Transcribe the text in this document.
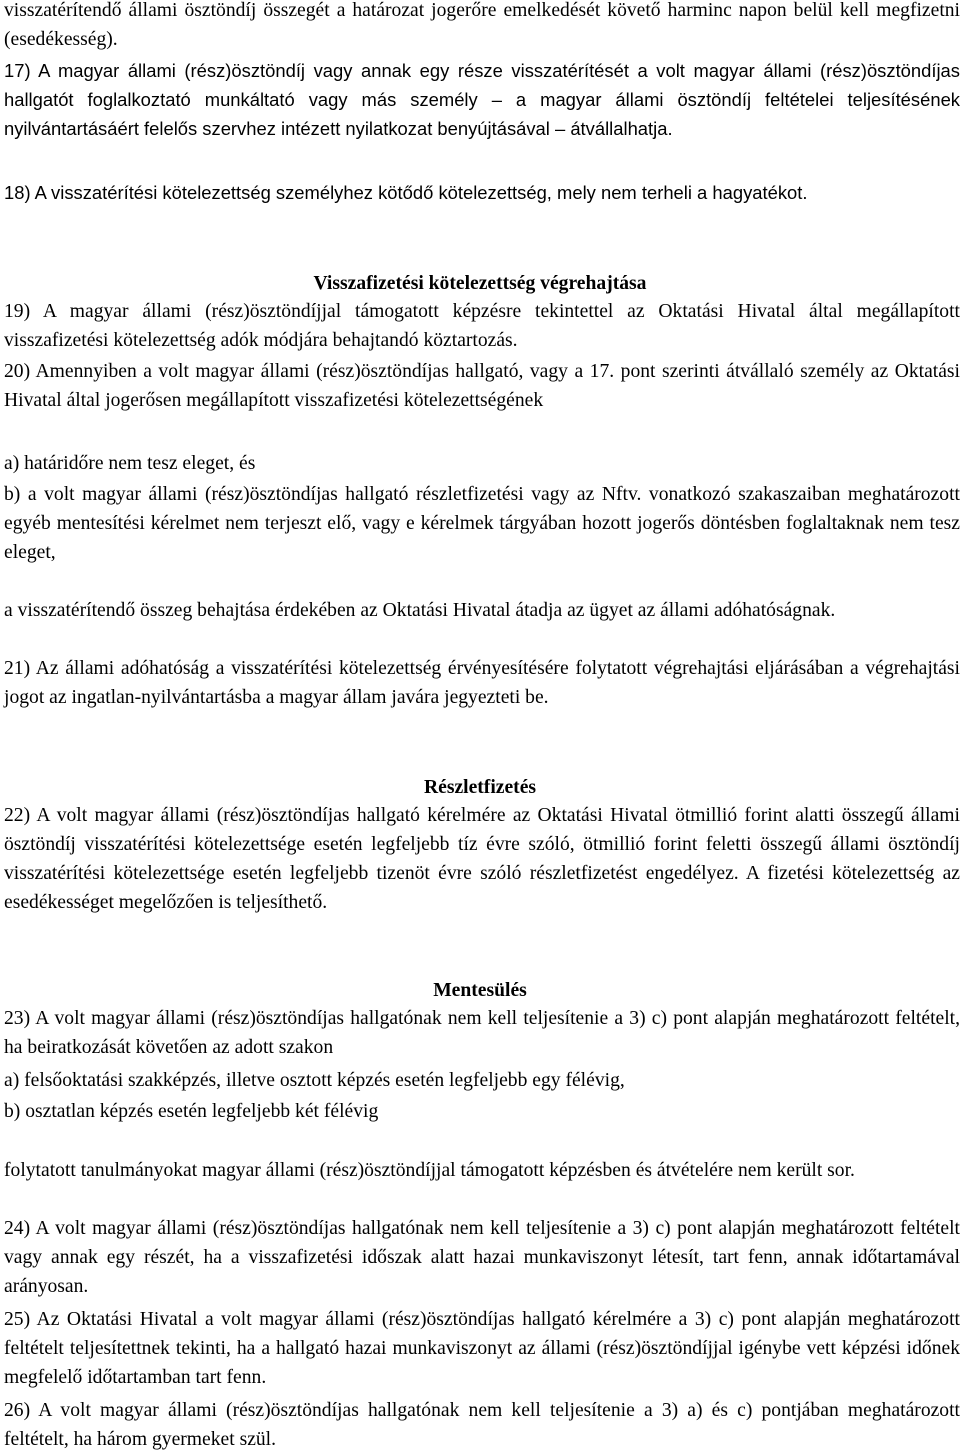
visszatérítendő állami ösztöndíj összegét a határozat jogerőre emelkedését követő harminc napon belül kell megfizetni (esedékesség).

17) A magyar állami (rész)ösztöndíj vagy annak egy része visszatérítését a volt magyar állami (rész)ösztöndíjas hallgatót foglalkoztató munkáltató vagy más személy – a magyar állami ösztöndíj feltételei teljesítésének nyilvántartásáért felelős szervhez intézett nyilatkozat benyújtásával – átvállalhatja.

18) A visszatérítési kötelezettség személyhez kötődő kötelezettség, mely nem terheli a hagyatékot.

Visszafizetési kötelezettség végrehajtása

19) A magyar állami (rész)ösztöndíjjal támogatott képzésre tekintettel az Oktatási Hivatal által megállapított visszafizetési kötelezettség adók módjára behajtandó köztartozás.

20) Amennyiben a volt magyar állami (rész)ösztöndíjas hallgató, vagy a 17. pont szerinti átvállaló személy az Oktatási Hivatal által jogerősen megállapított visszafizetési kötelezettségének

a) határidőre nem tesz eleget, és

b) a volt magyar állami (rész)ösztöndíjas hallgató részletfizetési vagy az Nftv. vonatkozó szakaszaiban meghatározott egyéb mentesítési kérelmet nem terjeszt elő, vagy e kérelmek tárgyában hozott jogerős döntésben foglaltaknak nem tesz eleget,

a visszatérítendő összeg behajtása érdekében az Oktatási Hivatal átadja az ügyet az állami adóhatóságnak.

21) Az állami adóhatóság a visszatérítési kötelezettség érvényesítésére folytatott végrehajtási eljárásában a végrehajtási jogot az ingatlan-nyilvántartásba a magyar állam javára jegyezteti be.

Részletfizetés

22) A volt magyar állami (rész)ösztöndíjas hallgató kérelmére az Oktatási Hivatal ötmillió forint alatti összegű állami ösztöndíj visszatérítési kötelezettsége esetén legfeljebb tíz évre szóló, ötmillió forint feletti összegű állami ösztöndíj visszatérítési kötelezettsége esetén legfeljebb tizenöt évre szóló részletfizetést engedélyez. A fizetési kötelezettség az esedékességet megelőzően is teljesíthető.

Mentesülés

23) A volt magyar állami (rész)ösztöndíjas hallgatónak nem kell teljesítenie a 3) c) pont alapján meghatározott feltételt, ha beiratkozását követően az adott szakon

a) felsőoktatási szakképzés, illetve osztott képzés esetén legfeljebb egy félévig,

b) osztatlan képzés esetén legfeljebb két félévig

folytatott tanulmányokat magyar állami (rész)ösztöndíjjal támogatott képzésben és átvételére nem került sor.

24) A volt magyar állami (rész)ösztöndíjas hallgatónak nem kell teljesítenie a 3) c) pont alapján meghatározott feltételt vagy annak egy részét, ha a visszafizetési időszak alatt hazai munkaviszonyt létesít, tart fenn, annak időtartamával arányosan.

25) Az Oktatási Hivatal a volt magyar állami (rész)ösztöndíjas hallgató kérelmére a 3) c) pont alapján meghatározott feltételt teljesítettnek tekinti, ha a hallgató hazai munkaviszonyt az állami (rész)ösztöndíjjal igénybe vett képzési időnek megfelelő időtartamban tart fenn.

26) A volt magyar állami (rész)ösztöndíjas hallgatónak nem kell teljesítenie a 3) a) és c) pontjában meghatározott feltételt, ha három gyermeket szül.
